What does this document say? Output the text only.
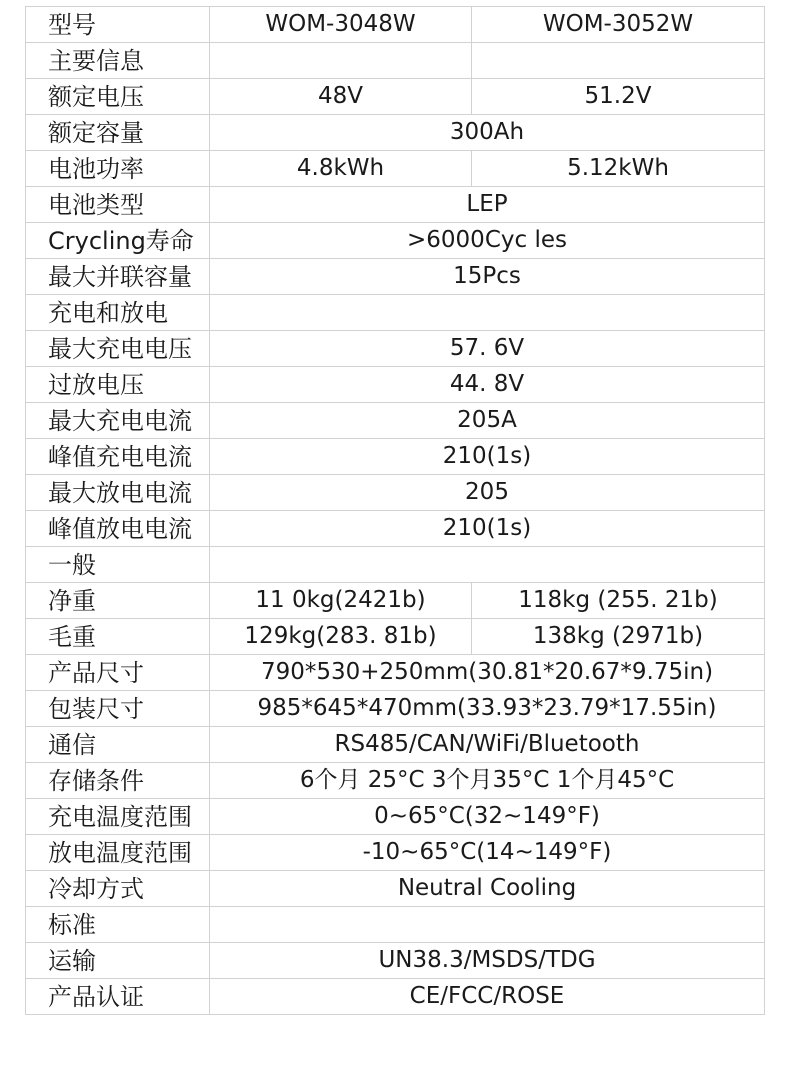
型号	WOM-3048W	WOM-3052W
主要信息		
额定电压	48V	51.2V
额定容量	300Ah	
电池功率	4.8kWh	5.12kWh
电池类型	LEP	
Crycling寿命	>6000Cyc les	
最大并联容量	15Pcs	
充电和放电		
最大充电电压	57. 6V	
过放电压	44. 8V	
最大充电电流	205A	
峰值充电电流	210(1s)	
最大放电电流	205	
峰值放电电流	210(1s)	
一般		
净重	11 0kg(2421b)	118kg (255. 21b)
毛重	129kg(283. 81b)	138kg (2971b)
产品尺寸	790*530+250mm(30.81*20.67*9.75in)	
包装尺寸	985*645*470mm(33.93*23.79*17.55in)	
通信	RS485/CAN/WiFi/Bluetooth	
存储条件	6个月 25°C 3个月35°C 1个月45°C	
充电温度范围	0~65°C(32~149°F)	
放电温度范围	-10~65°C(14~149°F)	
冷却方式	Neutral Cooling	
标准		
运输	UN38.3/MSDS/TDG	
产品认证	CE/FCC/ROSE	
